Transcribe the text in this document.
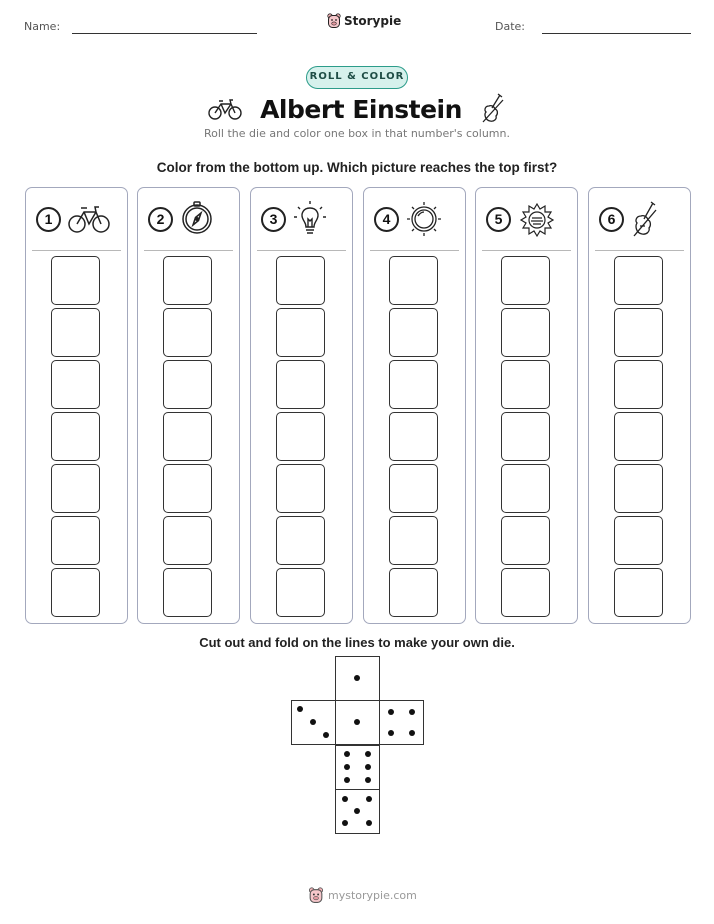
Name:	Storypie	Date:
ROLL & COLOR
Albert Einstein
Roll the die and color one box in that number's column.
Color from the bottom up. Which picture reaches the top first?
1	2	3	4	5	6
Cut out and fold on the lines to make your own die.
mystorypie.com
